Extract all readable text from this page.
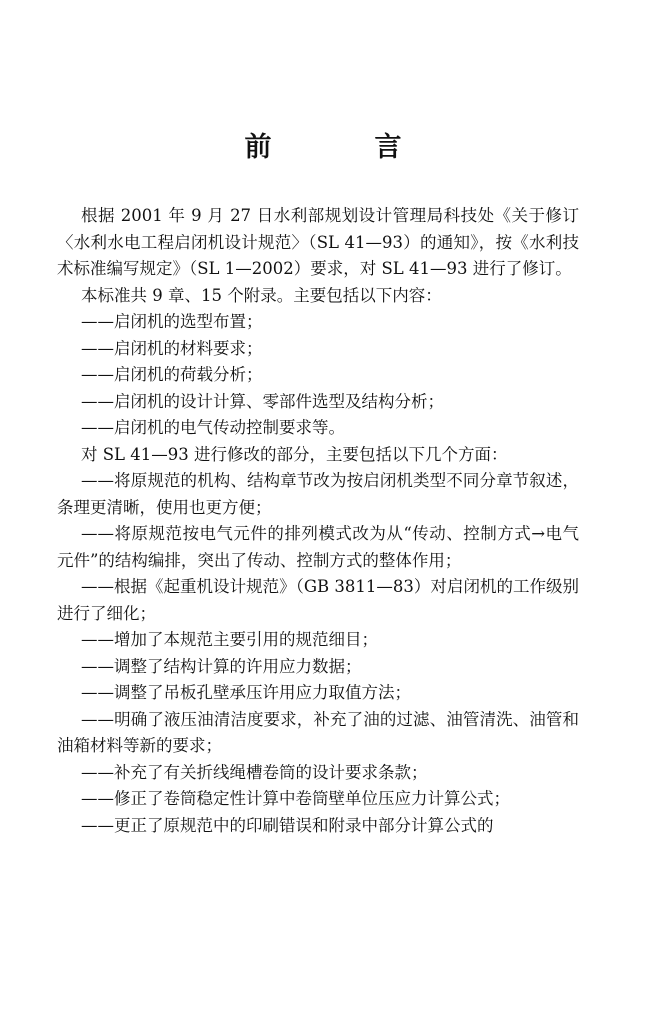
前　言

根据 2001 年 9 月 27 日水利部规划设计管理局科技处《关于修订〈水利水电工程启闭机设计规范〉（SL 41—93）的通知》，按《水利技术标准编写规定》（SL 1—2002）要求，对 SL 41—93 进行了修订。

本标准共 9 章、15 个附录。主要包括以下内容：

——启闭机的选型布置；

——启闭机的材料要求；

——启闭机的荷载分析；

——启闭机的设计计算、零部件选型及结构分析；

——启闭机的电气传动控制要求等。

对 SL 41—93 进行修改的部分，主要包括以下几个方面：

——将原规范的机构、结构章节改为按启闭机类型不同分章节叙述，条理更清晰，使用也更方便；

——将原规范按电气元件的排列模式改为从“传动、控制方式→电气元件”的结构编排，突出了传动、控制方式的整体作用；

——根据《起重机设计规范》（GB 3811—83）对启闭机的工作级别进行了细化；

——增加了本规范主要引用的规范细目；

——调整了结构计算的许用应力数据；

——调整了吊板孔壁承压许用应力取值方法；

——明确了液压油清洁度要求，补充了油的过滤、油管清洗、油管和油箱材料等新的要求；

——补充了有关折线绳槽卷筒的设计要求条款；

——修正了卷筒稳定性计算中卷筒壁单位压应力计算公式；

——更正了原规范中的印刷错误和附录中部分计算公式的
